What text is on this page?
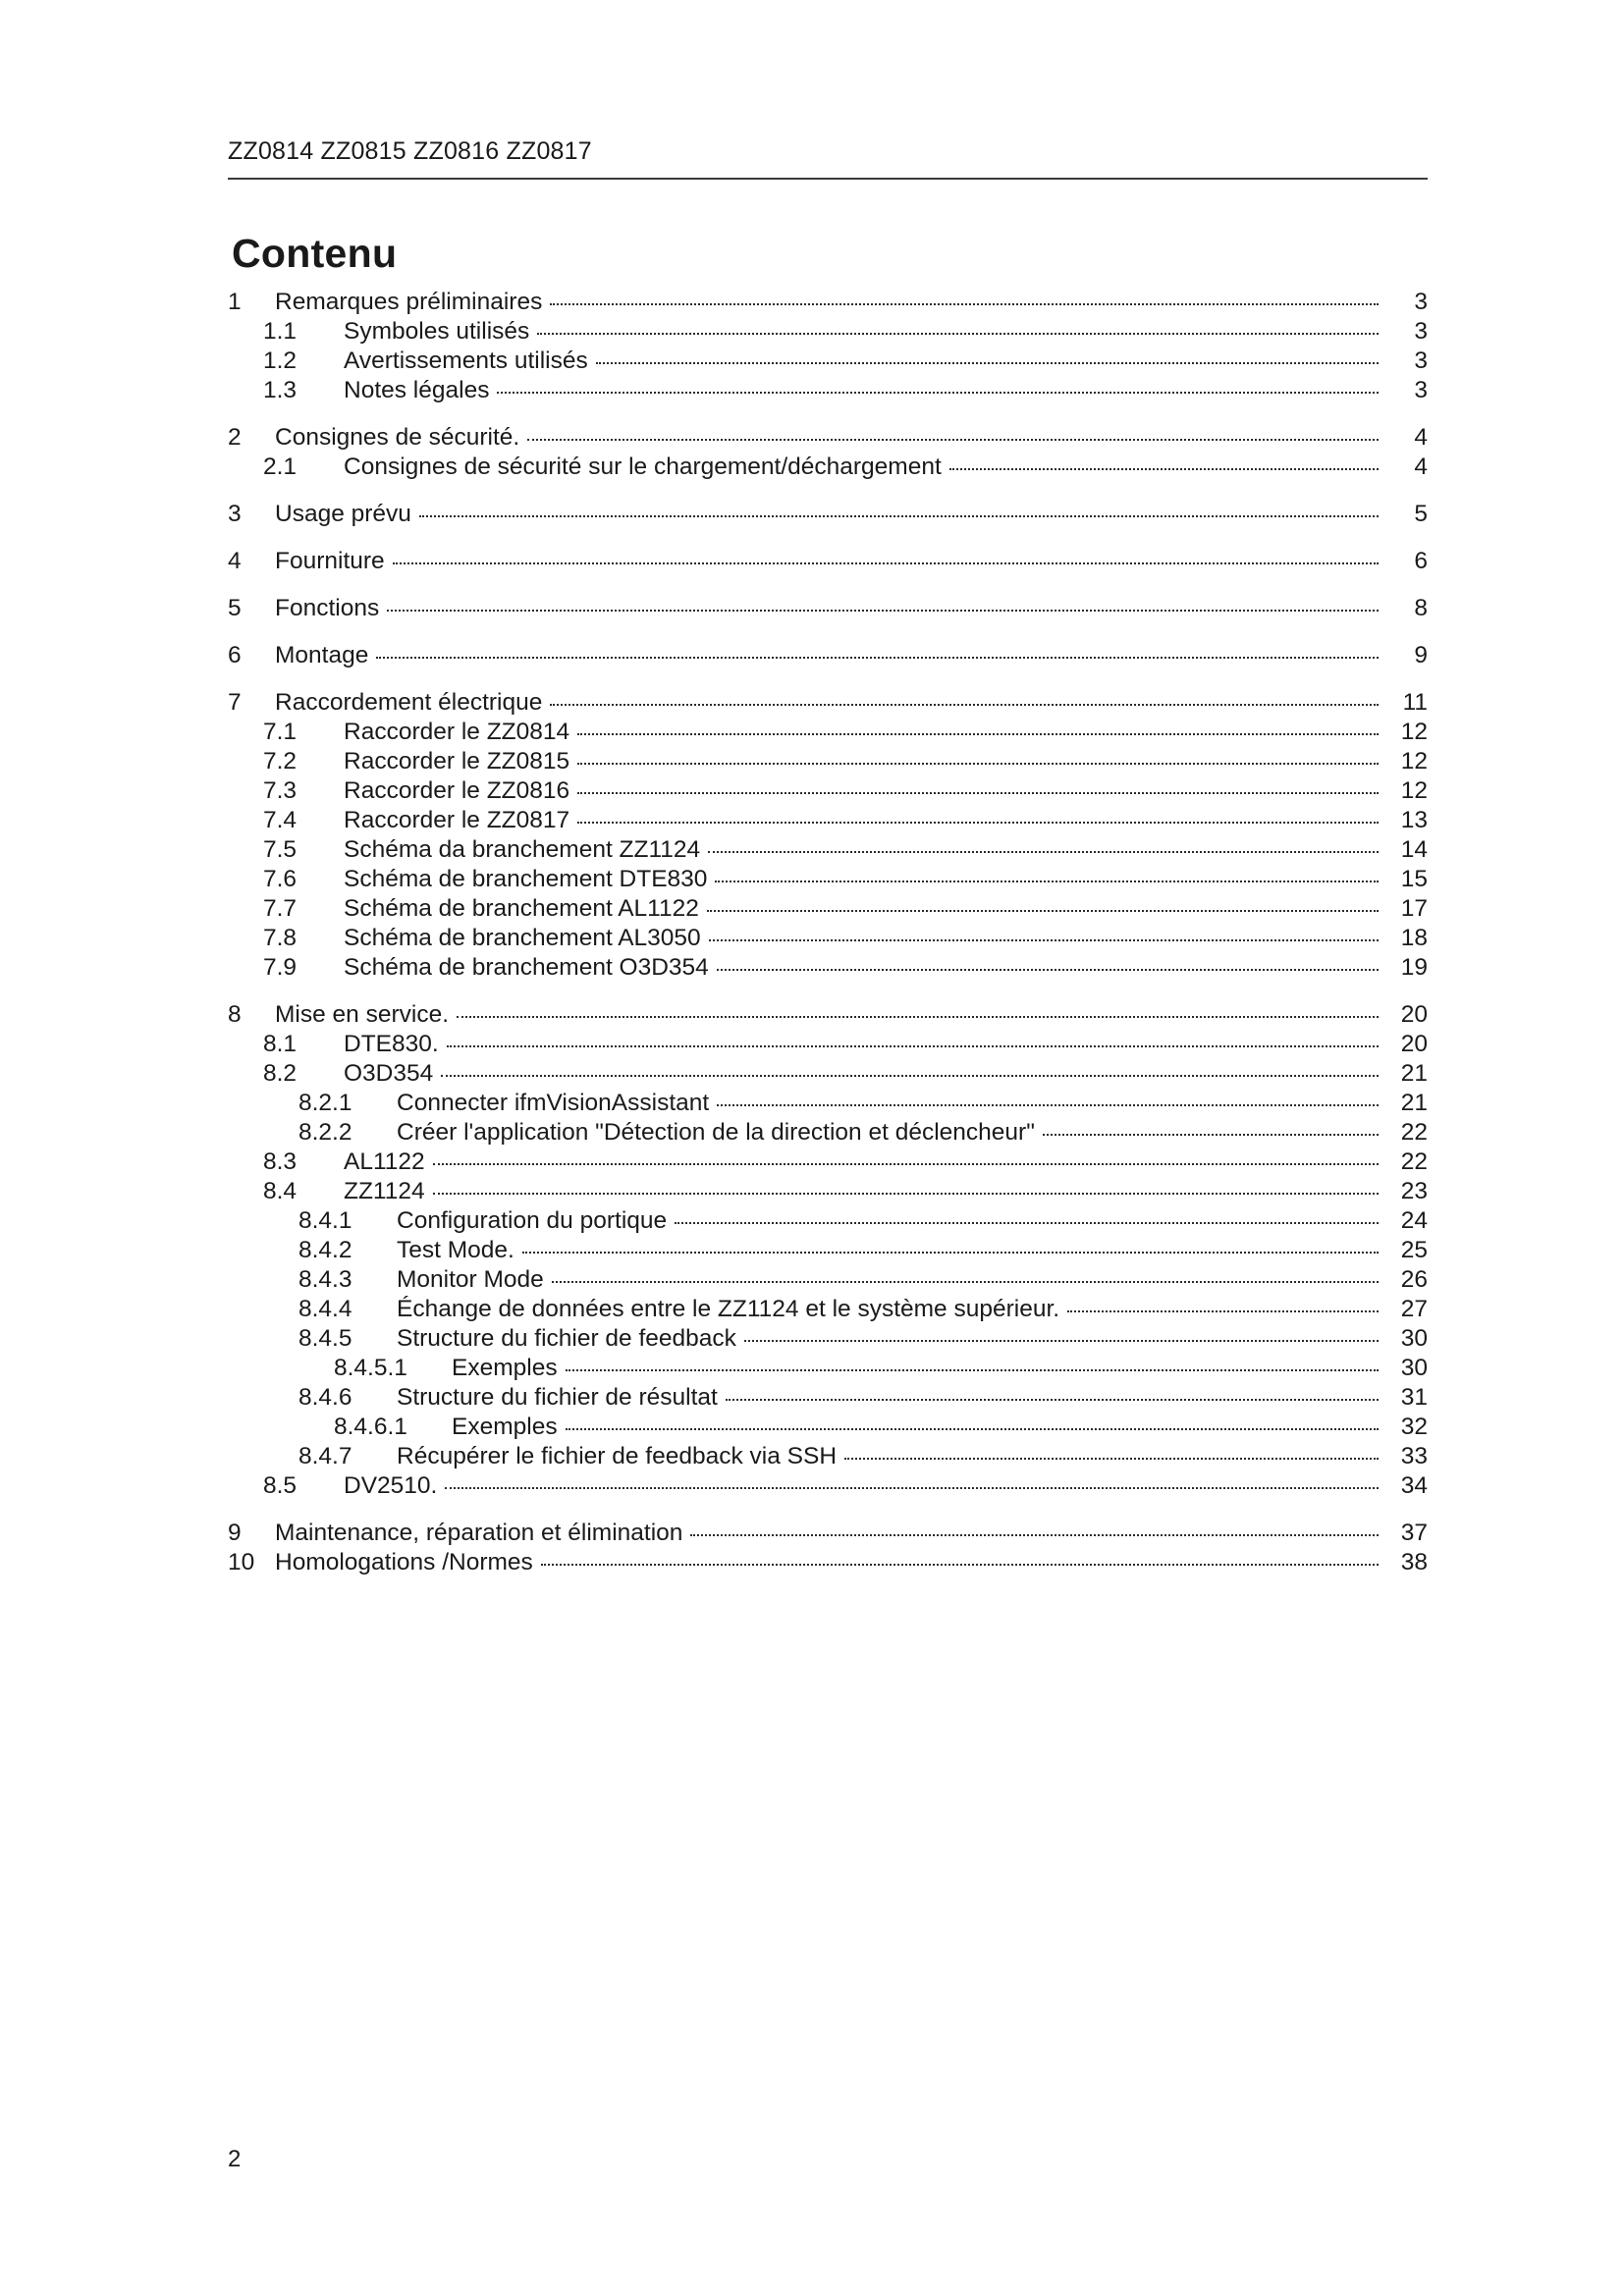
ZZ0814 ZZ0815 ZZ0816 ZZ0817
Contenu
1	Remarques préliminaires	3
1.1	Symboles utilisés	3
1.2	Avertissements utilisés	3
1.3	Notes légales	3
2	Consignes de sécurité.	4
2.1	Consignes de sécurité sur le chargement/déchargement	4
3	Usage prévu	5
4	Fourniture	6
5	Fonctions	8
6	Montage	9
7	Raccordement électrique	11
7.1	Raccorder le ZZ0814	12
7.2	Raccorder le ZZ0815	12
7.3	Raccorder le ZZ0816	12
7.4	Raccorder le ZZ0817	13
7.5	Schéma da branchement ZZ1124	14
7.6	Schéma de branchement DTE830	15
7.7	Schéma de branchement AL1122	17
7.8	Schéma de branchement AL3050	18
7.9	Schéma de branchement O3D354	19
8	Mise en service.	20
8.1	DTE830.	20
8.2	O3D354	21
8.2.1	Connecter ifmVisionAssistant	21
8.2.2	Créer l'application "Détection de la direction et déclencheur"	22
8.3	AL1122	22
8.4	ZZ1124	23
8.4.1	Configuration du portique	24
8.4.2	Test Mode.	25
8.4.3	Monitor Mode	26
8.4.4	Échange de données entre le ZZ1124 et le système supérieur.	27
8.4.5	Structure du fichier de feedback	30
8.4.5.1	Exemples	30
8.4.6	Structure du fichier de résultat	31
8.4.6.1	Exemples	32
8.4.7	Récupérer le fichier de feedback via SSH	33
8.5	DV2510.	34
9	Maintenance, réparation et élimination	37
10 Homologations /Normes	38
2
